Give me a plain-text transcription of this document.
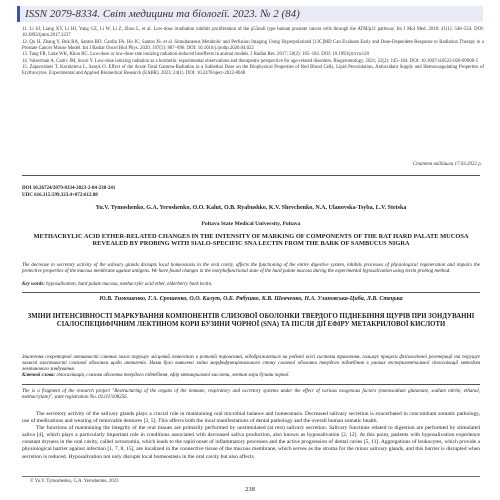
ISSN 2079-8334. Світ медицини та біології. 2023. № 2 (84)

11. Li SJ, Liang XY, Li HJ, Yang GZ, Li W, Li Z, Zhou L, et al. Low-dose irradiation inhibits proliferation of the p53null type human prostate cancer cells through the ATM/p21 pathway. Int J Mol Med. 2018; 41(1): 548–554. DOI: 10.3892/ijmm.2017.3237

12. Qu H, Zhang Y, Bok RA, Santos RD, Cardin FA, Ho JC, Santos JS. et al. Simultaneous Metabolic and Perfusion Imaging Using Hyperpolarized [13C]MD Can Evaluate Early and Dose-Dependent Response to Radiation Therapy in a Prostate Cancer Mouse Model. Int J Radiat Oncol Biol Phys. 2020; 107(5): 887–896. DOI: 10.1016/j.ijrobp.2020.04.022

13. Tang FR, Loke WK, Khoo BC. Low-dose or low-dose-rate ionizing radiation-induced bioeffects in animal models. J Radiat Res. 2017; 58(2): 165–182. DOI: 10.1093/jrr/rrw120

14. Vaiserman A, Cattiv JM, Socol Y. Low-dose ionizing radiation as a hormetin: experimental observations and therapeutic perspective for age-related disorders. Biogerontology. 2021; 22(2): 145–164. DOI: 10.1007/s10522-020-09908-5

15. Zaporozhets T, Kornieieva L, Sanyk O. Effect of the Acute Total Gamma-Radiation in a Sublethal Dose on the Biophysical Properties of Red Blood Cells, Lipid Peroxidation, Antioxidant Supply and Hemocoagulating Properties of Erythrocytes. Experimental and Applied Biomedical Research (EABR). 2023; 24(1). DOI: 10.2478/sjecr-2022-0048

Стаття надійшла 17.03.2022 р.
DOI 10.26724/2079-8334-2023-2-84-238-241
UDC 616.315:599.323.4+072:612.08
Yu.V. Tymoshenko, G.A. Yeroshenko, O.O. Kalut, O.B. Ryabushko, K.V. Shevchenko, N.A. Ulanovska-Tsyba, L.V. Stetska
Poltava State Medical University, Poltava
METHACRYLIC ACID ETHER-RELATED CHANGES IN THE INTENSITY OF MARKING OF COMPONENTS OF THE RAT HARD PALATE MUCOSA REVEALED BY PROBING WITH SIALO-SPECIFIC SNA LECTIN FROM THE BARK OF SAMBUCUS NIGRA
The decrease in secretory activity of the salivary glands disrupts local homeostasis in the oral cavity, affects the functioning of the entire digestive system, inhibits processes of physiological regeneration and impairs the protective properties of the mucous membrane against antigens. We have found changes in the morphofunctional state of the hard palate mucosa during the experimental hyposalivation using lectin probing method.
Key words: hyposalivation, hard palate mucosa, methacrylic acid ether, elderberry bark lectin.
Ю.В. Тимошенко, Г.А. Єрошенко, О.О. Калут, О.Б. Рябушко, К.В. Шевченко, Н.А. Улановська-Циба, Л.В. Стецька
ЗМІНИ ІНТЕНСИВНОСТІ МАРКУВАННЯ КОМПОНЕНТІВ СЛИЗОВОЇ ОБОЛОНКИ ТВЕРДОГО ПІДНЕБІННЯ ЩУРІВ ПРИ ЗОНДУВАННІ СІАЛОСПЕЦИФІЧНИМ ЛЕКТИНОМ КОРИ БУЗИНИ ЧОРНОЇ (SNA) ТА ПІСЛЯ ДІЇ ЕФІРУ МЕТАКРИЛОВОЇ КИСЛОТИ
Зниження секреторної активності слинних залоз порушує місцевий гомеостаз в ротовій порожнині, відображається на роботі всієї системи травлення, гальмує процеси фізіологічної регенерації та порушує захисні властивості слизової оболонки щодо антигенів. Нами було виявлено зміни морфофункціонального стану слизової оболонки твердого піднебіння в умовах експериментальної гіпосалівації методом лектинового зондування.
Ключові слова: гіпосалівація, слизова оболонка твердого піднебіння, ефір метакрилової кислоти, лектин кори бузини чорної.
The is a fragment of the research project "Restructuring of the organs of the immune, respiratory and excretory systems under the effect of various exogenous factors (monosodium glutamate, sodium nitrite, ethanol, methacrylate)", state registration No. 0121U108256.

The secretory activity of the salivary glands plays a crucial role in maintaining oral microbial balance and homeostasis. Decreased salivary secretion is exacerbated in concomitant somatic pathology, use of medications and wearing of removable dentures [3, 5]. This affects both the local manifestations of dental pathology and the overall human somatic health.

The functions of maintaining the integrity of the oral tissues are primarily performed by unstimulated (at rest) salivary secretion. Salivary functions related to digestion are performed by stimulated saliva [4], which plays a particularly important role in conditions associated with decreased saliva production, also known as hyposalivation [2, 12]. At this point, patients with hyposalivation experience constant dryness in the oral cavity, called xerostomia, which leads to the rapid onset of inflammatory processes and the active progression of dental caries [5, 11]. Aggregations of leukocytes, which provide a physiological barrier against infection [1, 7, 8, 15], are localized in the connective tissue of the mucous membrane, which serves as the stroma for the minor salivary glands, and this barrier is disrupted when secretion is reduced. Hyposalivation not only disrupts local homeostasis in the oral cavity but also affects

© Yu.V. Tymoshenko, G.A. Yeroshenko, 2023
238
